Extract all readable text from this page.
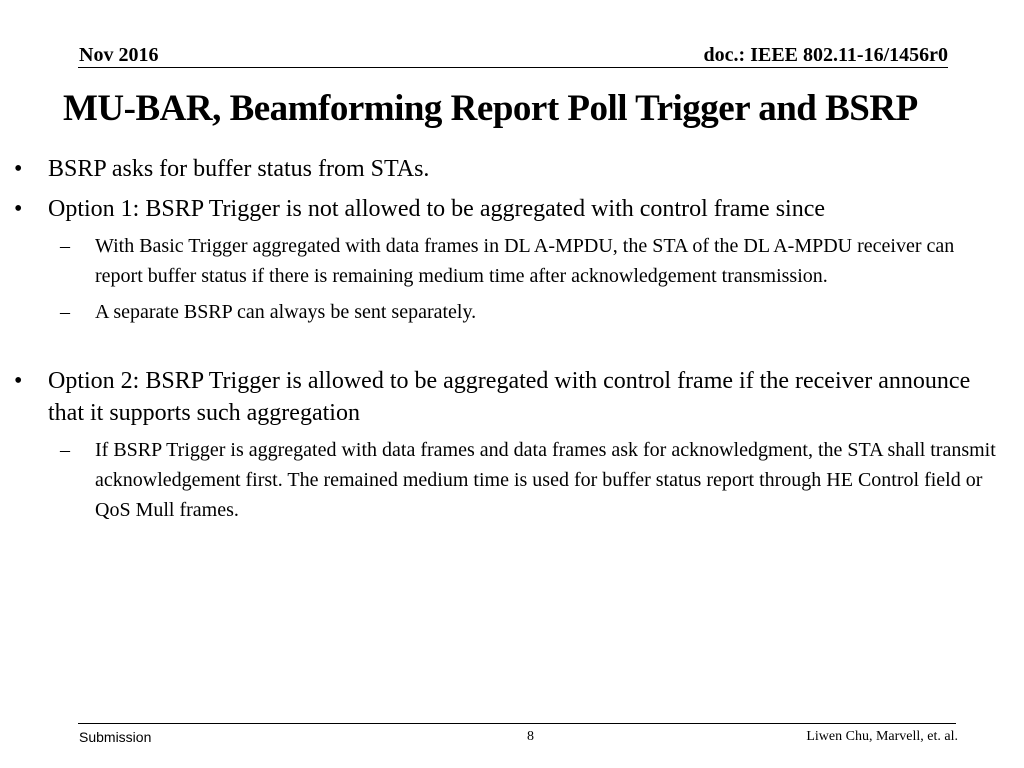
Nov 2016	doc.: IEEE 802.11-16/1456r0
MU-BAR, Beamforming Report Poll Trigger and BSRP
• BSRP asks for buffer status from STAs.
• Option 1: BSRP Trigger is not allowed to be aggregated with control frame since
– With Basic Trigger aggregated with data frames in DL A-MPDU, the STA of the DL A-MPDU receiver can report buffer status if there is remaining medium time after acknowledgement transmission.
– A separate BSRP can always be sent separately.
• Option 2: BSRP Trigger is allowed to be aggregated with control frame if the receiver announce that it supports such aggregation
– If BSRP Trigger is aggregated with data frames and data frames ask for acknowledgment, the STA shall transmit acknowledgement first. The remained medium time is used for buffer status report through HE Control field or QoS Mull frames.
Submission	8	Liwen Chu, Marvell, et. al.
